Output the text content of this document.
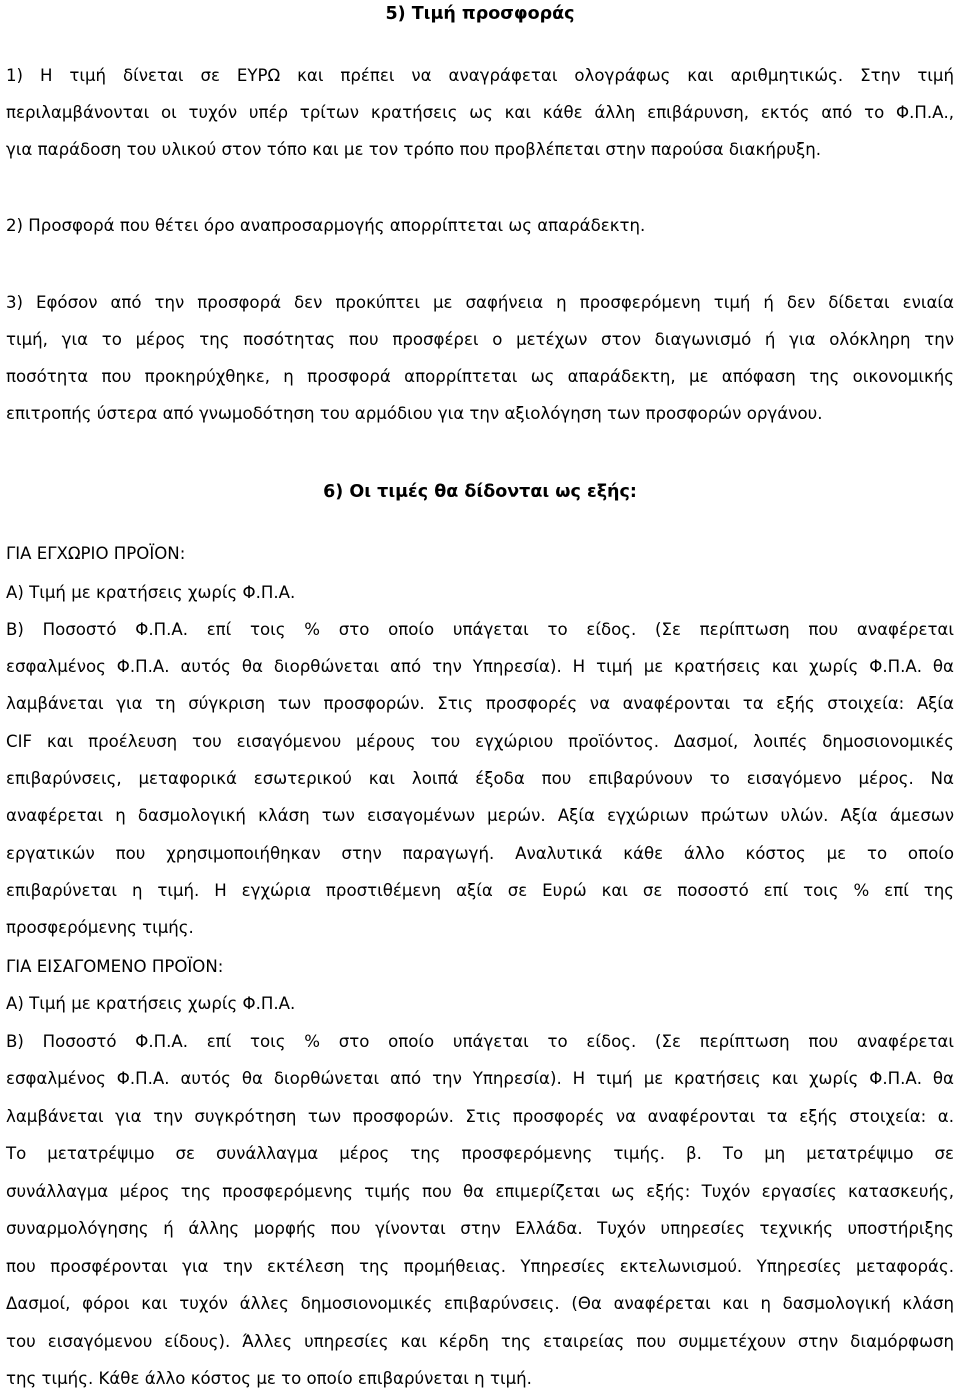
5) Τιμή προσφοράς
1) Η τιμή δίνεται σε ΕΥΡΩ και πρέπει να αναγράφεται ολογράφως και αριθμητικώς. Στην τιμή
περιλαμβάνονται οι τυχόν υπέρ τρίτων κρατήσεις ως και κάθε άλλη επιβάρυνση, εκτός από το Φ.Π.Α.,
για παράδοση του υλικού στον τόπο και με τον τρόπο που προβλέπεται στην παρούσα διακήρυξη.
2) Προσφορά που θέτει όρο αναπροσαρμογής απορρίπτεται ως απαράδεκτη.
3) Εφόσον από την προσφορά δεν προκύπτει με σαφήνεια η προσφερόμενη τιμή ή δεν δίδεται ενιαία
τιμή, για το μέρος της ποσότητας που προσφέρει ο μετέχων στον διαγωνισμό ή για ολόκληρη την
ποσότητα που προκηρύχθηκε, η προσφορά απορρίπτεται ως απαράδεκτη, με απόφαση της οικονομικής
επιτροπής ύστερα από γνωμοδότηση του αρμόδιου για την αξιολόγηση των προσφορών οργάνου.
6) Οι τιμές θα δίδονται ως εξής:
ΓΙΑ ΕΓΧΩΡΙΟ ΠΡΟΪΟΝ:
Α) Τιμή με κρατήσεις χωρίς Φ.Π.Α.
Β) Ποσοστό Φ.Π.Α. επί τοις % στο οποίο υπάγεται το είδος. (Σε περίπτωση που αναφέρεται
εσφαλμένος Φ.Π.Α. αυτός θα διορθώνεται από την Υπηρεσία). Η τιμή με κρατήσεις και χωρίς Φ.Π.Α. θα
λαμβάνεται για τη σύγκριση των προσφορών. Στις προσφορές να αναφέρονται τα εξής στοιχεία: Αξία
CIF και προέλευση του εισαγόμενου μέρους του εγχώριου προϊόντος. Δασμοί, λοιπές δημοσιονομικές
επιβαρύνσεις, μεταφορικά εσωτερικού και λοιπά έξοδα που επιβαρύνουν το εισαγόμενο μέρος. Να
αναφέρεται η δασμολογική κλάση των εισαγομένων μερών. Αξία εγχώριων πρώτων υλών. Αξία άμεσων
εργατικών που χρησιμοποιήθηκαν στην παραγωγή. Αναλυτικά κάθε άλλο κόστος με το οποίο
επιβαρύνεται η τιμή. Η εγχώρια προστιθέμενη αξία σε Ευρώ και σε ποσοστό επί τοις % επί της
προσφερόμενης τιμής.
ΓΙΑ ΕΙΣΑΓΟΜΕΝΟ ΠΡΟΪΟΝ:
Α) Τιμή με κρατήσεις χωρίς Φ.Π.Α.
Β) Ποσοστό Φ.Π.Α. επί τοις % στο οποίο υπάγεται το είδος. (Σε περίπτωση που αναφέρεται
εσφαλμένος Φ.Π.Α. αυτός θα διορθώνεται από την Υπηρεσία). Η τιμή με κρατήσεις και χωρίς Φ.Π.Α. θα
λαμβάνεται για την συγκρότηση των προσφορών. Στις προσφορές να αναφέρονται τα εξής στοιχεία: α.
Το μετατρέψιμο σε συνάλλαγμα μέρος της προσφερόμενης τιμής. β. Το μη μετατρέψιμο σε
συνάλλαγμα μέρος της προσφερόμενης τιμής που θα επιμερίζεται ως εξής: Τυχόν εργασίες κατασκευής,
συναρμολόγησης ή άλλης μορφής που γίνονται στην Ελλάδα. Τυχόν υπηρεσίες τεχνικής υποστήριξης
που προσφέρονται για την εκτέλεση της προμήθειας. Υπηρεσίες εκτελωνισμού. Υπηρεσίες μεταφοράς.
Δασμοί, φόροι και τυχόν άλλες δημοσιονομικές επιβαρύνσεις. (Θα αναφέρεται και η δασμολογική κλάση
του εισαγόμενου είδους). Άλλες υπηρεσίες και κέρδη της εταιρείας που συμμετέχουν στην διαμόρφωση
της τιμής. Κάθε άλλο κόστος με το οποίο επιβαρύνεται η τιμή.
